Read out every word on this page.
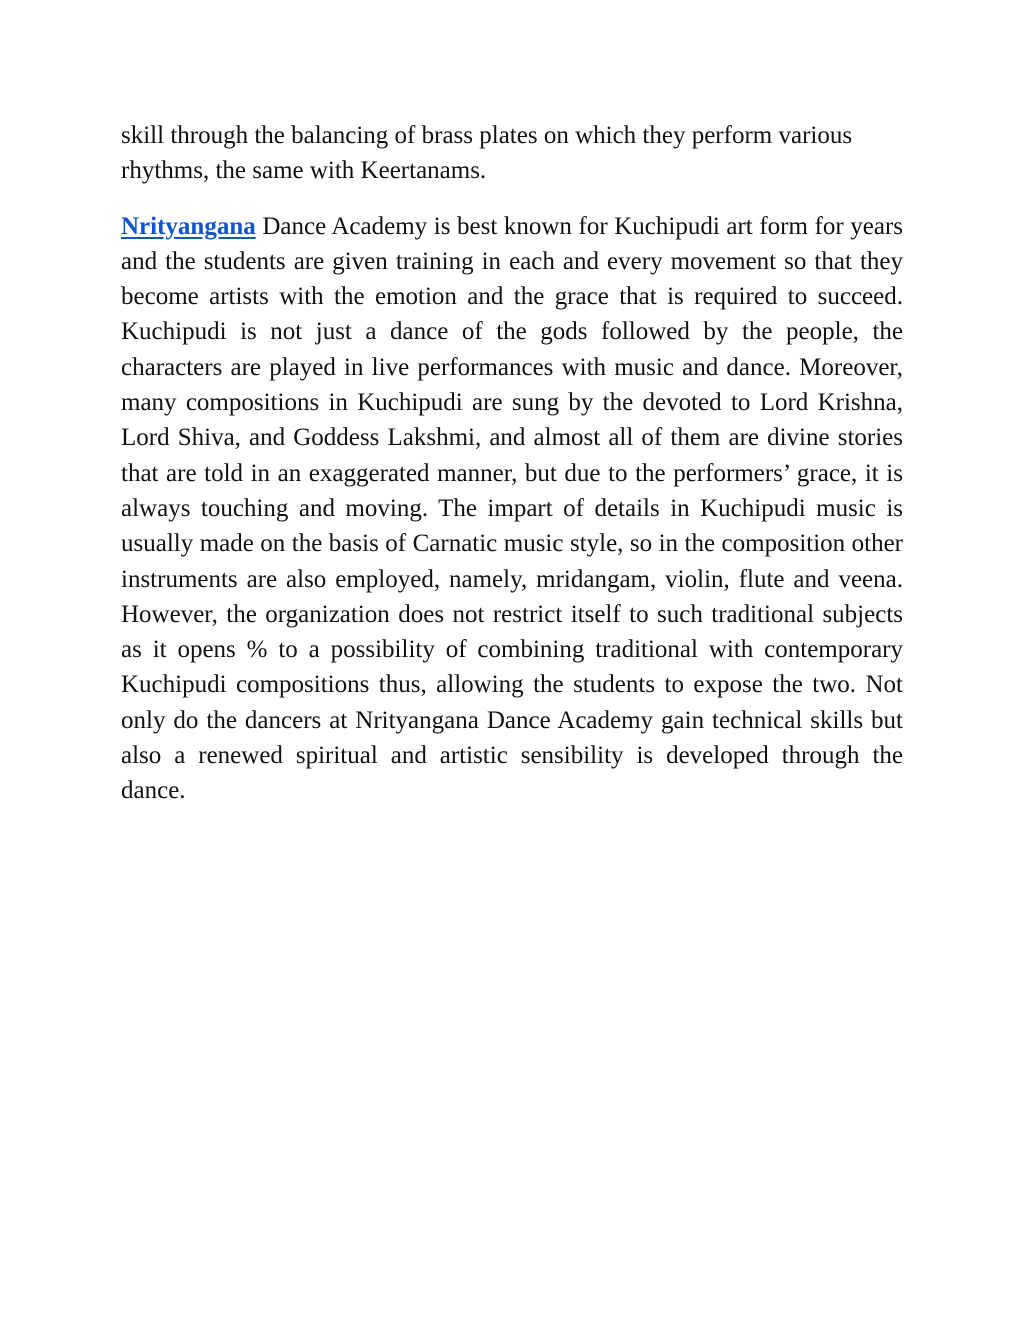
skill through the balancing of brass plates on which they perform various rhythms, the same with Keertanams.

Nrityangana Dance Academy is best known for Kuchipudi art form for years and the students are given training in each and every movement so that they become artists with the emotion and the grace that is required to succeed. Kuchipudi is not just a dance of the gods followed by the people, the characters are played in live performances with music and dance. Moreover, many compositions in Kuchipudi are sung by the devoted to Lord Krishna, Lord Shiva, and Goddess Lakshmi, and almost all of them are divine stories that are told in an exaggerated manner, but due to the performers’ grace, it is always touching and moving. The impart of details in Kuchipudi music is usually made on the basis of Carnatic music style, so in the composition other instruments are also employed, namely, mridangam, violin, flute and veena. However, the organization does not restrict itself to such traditional subjects as it opens % to a possibility of combining traditional with contemporary Kuchipudi compositions thus, allowing the students to expose the two. Not only do the dancers at Nrityangana Dance Academy gain technical skills but also a renewed spiritual and artistic sensibility is developed through the dance.
